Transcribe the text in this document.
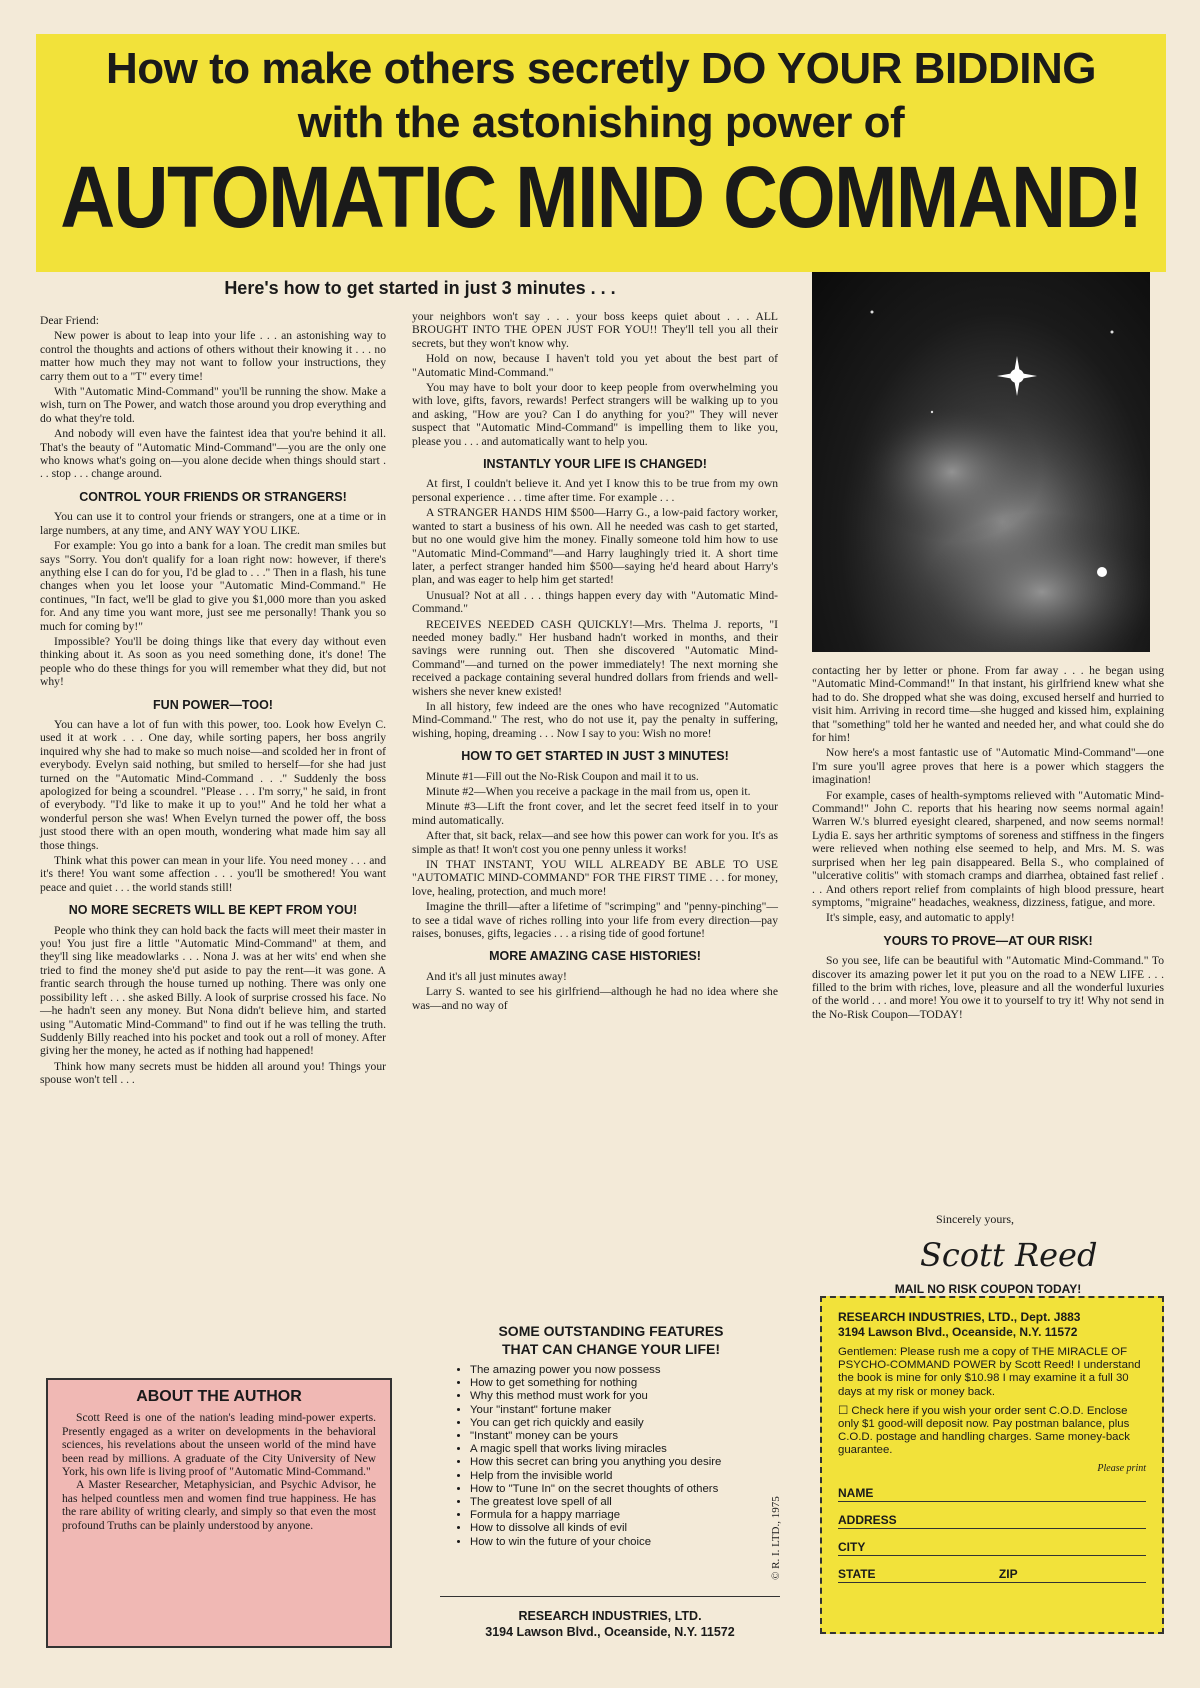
How to make others secretly DO YOUR BIDDING
with the astonishing power of
AUTOMATIC MIND COMMAND!
Here's how to get started in just 3 minutes . . .

Dear Friend:

New power is about to leap into your life . . . an astonishing way to control the thoughts and actions of others without their knowing it . . . no matter how much they may not want to follow your instructions, they carry them out to a "T" every time!

With "Automatic Mind-Command" you'll be running the show. Make a wish, turn on The Power, and watch those around you drop everything and do what they're told.

And nobody will even have the faintest idea that you're behind it all. That's the beauty of "Automatic Mind-Command"—you are the only one who knows what's going on—you alone decide when things should start . . . stop . . . change around.

CONTROL YOUR FRIENDS OR STRANGERS!

You can use it to control your friends or strangers, one at a time or in large numbers, at any time, and ANY WAY YOU LIKE.

For example: You go into a bank for a loan. The credit man smiles but says "Sorry. You don't qualify for a loan right now: however, if there's anything else I can do for you, I'd be glad to . . ." Then in a flash, his tune changes when you let loose your "Automatic Mind-Command." He continues, "In fact, we'll be glad to give you $1,000 more than you asked for. And any time you want more, just see me personally! Thank you so much for coming by!"

Impossible? You'll be doing things like that every day without even thinking about it. As soon as you need something done, it's done! The people who do these things for you will remember what they did, but not why!

FUN POWER—TOO!

You can have a lot of fun with this power, too. Look how Evelyn C. used it at work . . . One day, while sorting papers, her boss angrily inquired why she had to make so much noise—and scolded her in front of everybody. Evelyn said nothing, but smiled to herself—for she had just turned on the "Automatic Mind-Command . . ." Suddenly the boss apologized for being a scoundrel. "Please . . . I'm sorry," he said, in front of everybody. "I'd like to make it up to you!" And he told her what a wonderful person she was! When Evelyn turned the power off, the boss just stood there with an open mouth, wondering what made him say all those things.

Think what this power can mean in your life. You need money . . . and it's there! You want some affection . . . you'll be smothered! You want peace and quiet . . . the world stands still!

NO MORE SECRETS WILL BE KEPT FROM YOU!

People who think they can hold back the facts will meet their master in you! You just fire a little "Automatic Mind-Command" at them, and they'll sing like meadowlarks . . . Nona J. was at her wits' end when she tried to find the money she'd put aside to pay the rent—it was gone. A frantic search through the house turned up nothing. There was only one possibility left . . . she asked Billy. A look of surprise crossed his face. No—he hadn't seen any money. But Nona didn't believe him, and started using "Automatic Mind-Command" to find out if he was telling the truth. Suddenly Billy reached into his pocket and took out a roll of money. After giving her the money, he acted as if nothing had happened!

Think how many secrets must be hidden all around you! Things your spouse won't tell . . .

your neighbors won't say . . . your boss keeps quiet about . . . ALL BROUGHT INTO THE OPEN JUST FOR YOU!! They'll tell you all their secrets, but they won't know why.

Hold on now, because I haven't told you yet about the best part of "Automatic Mind-Command."

You may have to bolt your door to keep people from overwhelming you with love, gifts, favors, rewards! Perfect strangers will be walking up to you and asking, "How are you? Can I do anything for you?" They will never suspect that "Automatic Mind-Command" is impelling them to like you, please you . . . and automatically want to help you.

INSTANTLY YOUR LIFE IS CHANGED!

At first, I couldn't believe it. And yet I know this to be true from my own personal experience . . . time after time. For example . . .

A STRANGER HANDS HIM $500—Harry G., a low-paid factory worker, wanted to start a business of his own. All he needed was cash to get started, but no one would give him the money. Finally someone told him how to use "Automatic Mind-Command"—and Harry laughingly tried it. A short time later, a perfect stranger handed him $500—saying he'd heard about Harry's plan, and was eager to help him get started!

Unusual? Not at all . . . things happen every day with "Automatic Mind-Command."

RECEIVES NEEDED CASH QUICKLY!—Mrs. Thelma J. reports, "I needed money badly." Her husband hadn't worked in months, and their savings were running out. Then she discovered "Automatic Mind-Command"—and turned on the power immediately! The next morning she received a package containing several hundred dollars from friends and well-wishers she never knew existed!

In all history, few indeed are the ones who have recognized "Automatic Mind-Command." The rest, who do not use it, pay the penalty in suffering, wishing, hoping, dreaming . . . Now I say to you: Wish no more!

HOW TO GET STARTED IN JUST 3 MINUTES!

Minute #1—Fill out the No-Risk Coupon and mail it to us.

Minute #2—When you receive a package in the mail from us, open it.

Minute #3—Lift the front cover, and let the secret feed itself in to your mind automatically.

After that, sit back, relax—and see how this power can work for you. It's as simple as that! It won't cost you one penny unless it works!

IN THAT INSTANT, YOU WILL ALREADY BE ABLE TO USE "AUTOMATIC MIND-COMMAND" FOR THE FIRST TIME . . . for money, love, healing, protection, and much more!

Imagine the thrill—after a lifetime of "scrimping" and "penny-pinching"—to see a tidal wave of riches rolling into your life from every direction—pay raises, bonuses, gifts, legacies . . . a rising tide of good fortune!

MORE AMAZING CASE HISTORIES!

And it's all just minutes away!

Larry S. wanted to see his girlfriend—although he had no idea where she was—and no way of

contacting her by letter or phone. From far away . . . he began using "Automatic Mind-Command!" In that instant, his girlfriend knew what she had to do. She dropped what she was doing, excused herself and hurried to visit him. Arriving in record time—she hugged and kissed him, explaining that "something" told her he wanted and needed her, and what could she do for him!

Now here's a most fantastic use of "Automatic Mind-Command"—one I'm sure you'll agree proves that here is a power which staggers the imagination!

For example, cases of health-symptoms relieved with "Automatic Mind-Command!" John C. reports that his hearing now seems normal again! Warren W.'s blurred eyesight cleared, sharpened, and now seems normal! Lydia E. says her arthritic symptoms of soreness and stiffness in the fingers were relieved when nothing else seemed to help, and Mrs. M. S. was surprised when her leg pain disappeared. Bella S., who complained of "ulcerative colitis" with stomach cramps and diarrhea, obtained fast relief . . . And others report relief from complaints of high blood pressure, heart symptoms, "migraine" headaches, weakness, dizziness, fatigue, and more.

It's simple, easy, and automatic to apply!

YOURS TO PROVE—AT OUR RISK!

So you see, life can be beautiful with "Automatic Mind-Command." To discover its amazing power let it put you on the road to a NEW LIFE . . . filled to the brim with riches, love, pleasure and all the wonderful luxuries of the world . . . and more! You owe it to yourself to try it! Why not send in the No-Risk Coupon—TODAY!

Sincerely yours,
Scott Reed
ABOUT THE AUTHOR

Scott Reed is one of the nation's leading mind-power experts. Presently engaged as a writer on developments in the behavioral sciences, his revelations about the unseen world of the mind have been read by millions. A graduate of the City University of New York, his own life is living proof of "Automatic Mind-Command."

A Master Researcher, Metaphysician, and Psychic Advisor, he has helped countless men and women find true happiness. He has the rare ability of writing clearly, and simply so that even the most profound Truths can be plainly understood by anyone.

SOME OUTSTANDING FEATURES
THAT CAN CHANGE YOUR LIFE!
• The amazing power you now possess
• How to get something for nothing
• Why this method must work for you
• Your "instant" fortune maker
• You can get rich quickly and easily
• "Instant" money can be yours
• A magic spell that works living miracles
• How this secret can bring you anything you desire
• Help from the invisible world
• How to "Tune In" on the secret thoughts of others
• The greatest love spell of all
• Formula for a happy marriage
• How to dissolve all kinds of evil
• How to win the future of your choice
RESEARCH INDUSTRIES, LTD.
3194 Lawson Blvd., Oceanside, N.Y. 11572
© R. I. LTD., 1975
MAIL NO RISK COUPON TODAY!
RESEARCH INDUSTRIES, LTD., Dept. J883
3194 Lawson Blvd., Oceanside, N.Y. 11572

Gentlemen: Please rush me a copy of THE MIRACLE OF PSYCHO-COMMAND POWER by Scott Reed! I understand the book is mine for only $10.98 I may examine it a full 30 days at my risk or money back.

☐ Check here if you wish your order sent C.O.D. Enclose only $1 good-will deposit now. Pay postman balance, plus C.O.D. postage and handling charges. Same money-back guarantee.

Please print
NAME
ADDRESS
CITY
STATE	ZIP
